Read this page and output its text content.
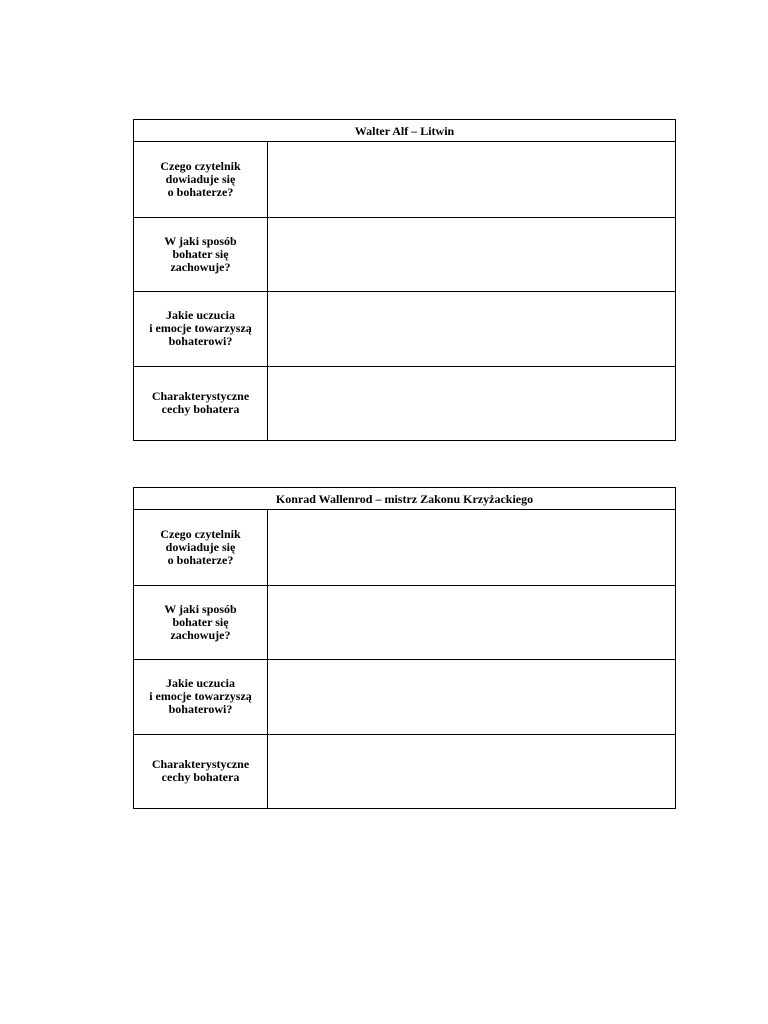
Walter Alf – Litwin
Czego czytelnik
dowiaduje się
o bohaterze?
W jaki sposób
bohater się
zachowuje?
Jakie uczucia
i emocje towarzyszą
bohaterowi?
Charakterystyczne
cechy bohatera
Konrad Wallenrod – mistrz Zakonu Krzyżackiego
Czego czytelnik
dowiaduje się
o bohaterze?
W jaki sposób
bohater się
zachowuje?
Jakie uczucia
i emocje towarzyszą
bohaterowi?
Charakterystyczne
cechy bohatera
